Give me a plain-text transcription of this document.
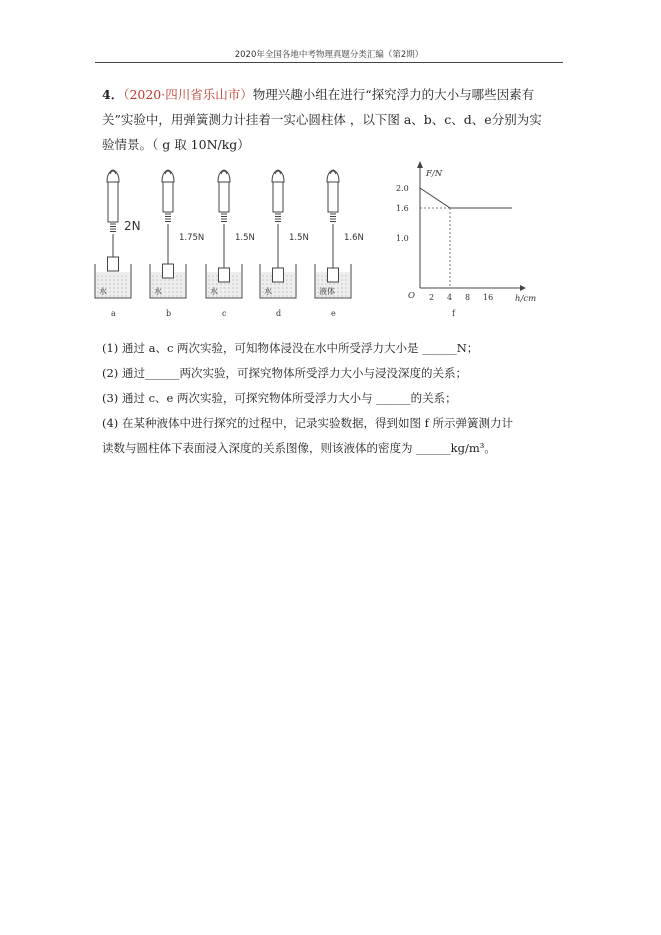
2020年全国各地中考物理真题分类汇编（第2期）
4．（2020·四川省乐山市）物理兴趣小组在进行“探究浮力的大小与哪些因素有
关”实验中，用弹簧测力计挂着一实心圆柱体 ，以下图 a、b、c、d、e分别为实
验情景。（ g 取 10N/kg）
2N
水
a
1.75N
水
b
1.5N
水
c
1.5N
水
d
1.6N
液体
e
F/N
h/cm
O 2 4 8 16
2.0
1.6
1.0
f
(1) 通过 a、c 两次实验，可知物体浸没在水中所受浮力大小是 ______N；
(2) 通过______两次实验，可探究物体所受浮力大小与浸没深度的关系；
(3) 通过 c、e 两次实验，可探究物体所受浮力大小与 ______的关系；
(4) 在某种液体中进行探究的过程中，记录实验数据，得到如图 f 所示弹簧测力计
读数与圆柱体下表面浸入深度的关系图像，则该液体的密度为 ______kg/m³。
